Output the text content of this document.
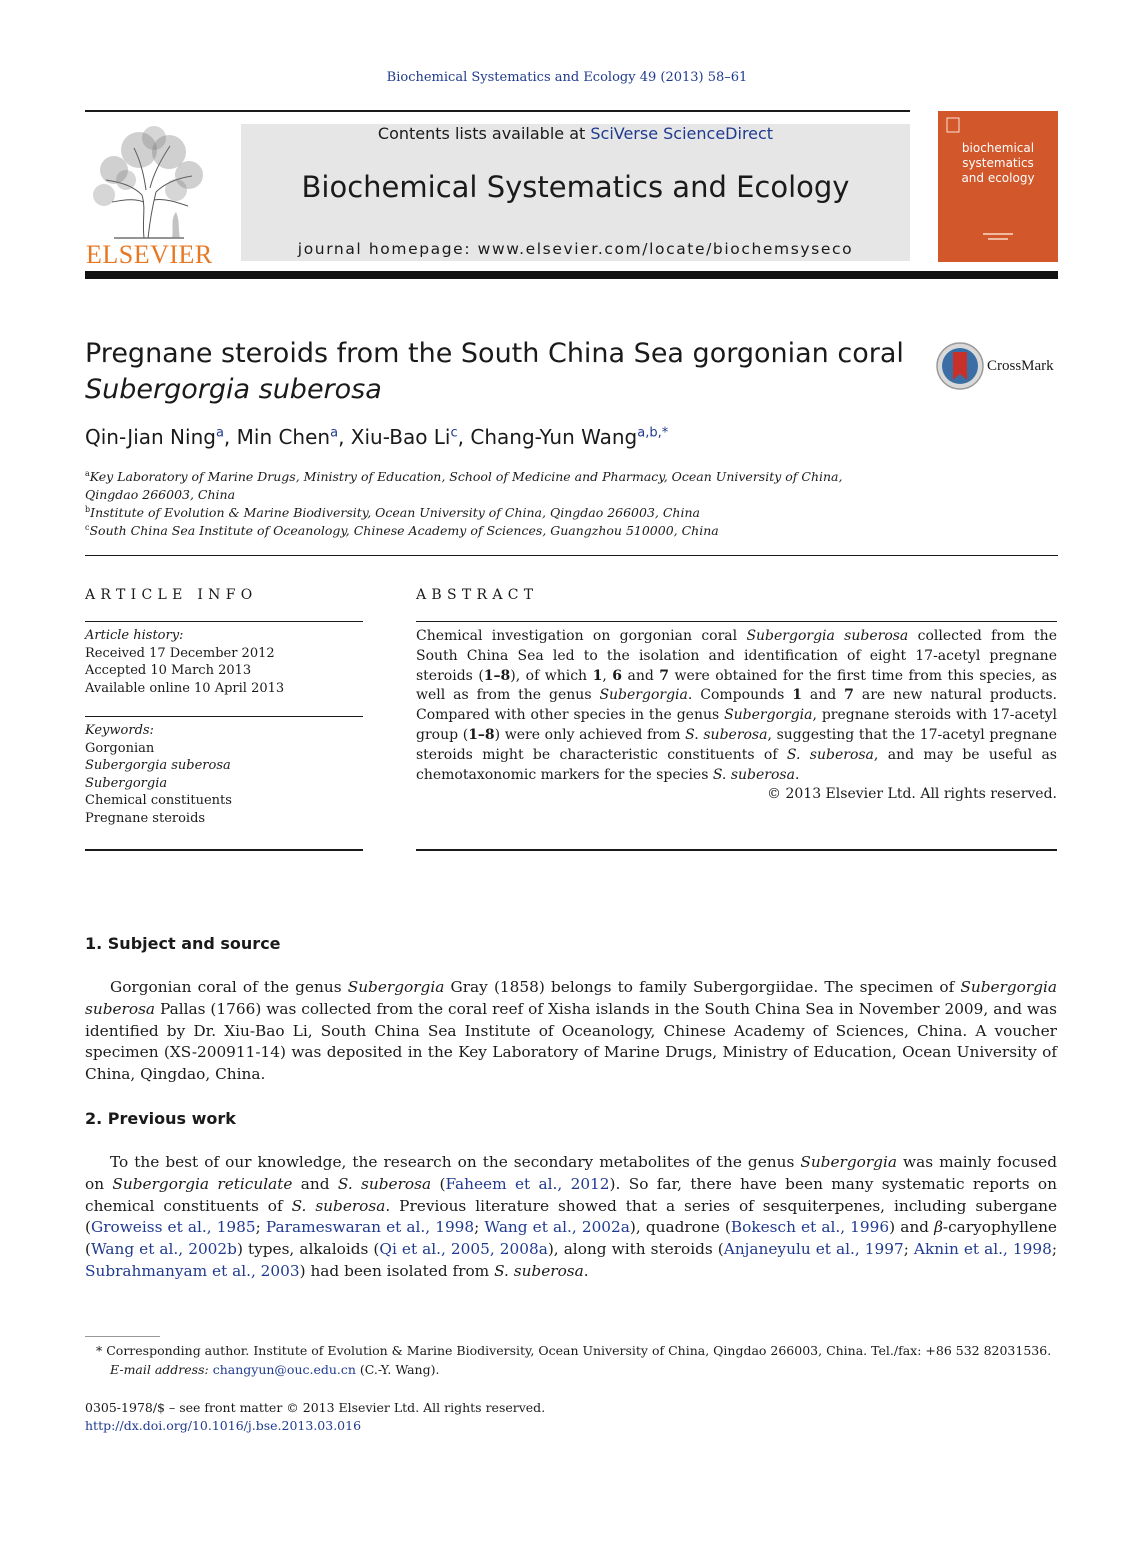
Biochemical Systematics and Ecology 49 (2013) 58–61
ELSEVIER
Contents lists available at SciVerse ScienceDirect
Biochemical Systematics and Ecology
journal homepage: www.elsevier.com/locate/biochemsyseco
biochemical
systematics
and ecology
Pregnane steroids from the South China Sea gorgonian coral
Subergorgia suberosa
CrossMark
Qin-Jian Ning$^a$, Min Chen$^a$, Xiu-Bao Li$^c$, Chang-Yun Wang$^{a,b,*}$
$^a$Key Laboratory of Marine Drugs, Ministry of Education, School of Medicine and Pharmacy, Ocean University of China,
Qingdao 266003, China
$^b$Institute of Evolution & Marine Biodiversity, Ocean University of China, Qingdao 266003, China
$^c$South China Sea Institute of Oceanology, Chinese Academy of Sciences, Guangzhou 510000, China
ARTICLE INFO
Article history:
Received 17 December 2012
Accepted 10 March 2013
Available online 10 April 2013
Keywords:
Gorgonian
Subergorgia suberosa
Subergorgia
Chemical constituents
Pregnane steroids
ABSTRACT
Chemical investigation on gorgonian coral Subergorgia suberosa collected from the South China Sea led to the isolation and identification of eight 17-acetyl pregnane steroids (1–8), of which 1, 6 and 7 were obtained for the first time from this species, as well as from the genus Subergorgia. Compounds 1 and 7 are new natural products. Compared with other species in the genus Subergorgia, pregnane steroids with 17-acetyl group (1–8) were only achieved from S. suberosa, suggesting that the 17-acetyl pregnane steroids might be characteristic constituents of S. suberosa, and may be useful as chemotaxonomic markers for the species S. suberosa.
© 2013 Elsevier Ltd. All rights reserved.
1. Subject and source
Gorgonian coral of the genus Subergorgia Gray (1858) belongs to family Subergorgiidae. The specimen of Subergorgia suberosa Pallas (1766) was collected from the coral reef of Xisha islands in the South China Sea in November 2009, and was identified by Dr. Xiu-Bao Li, South China Sea Institute of Oceanology, Chinese Academy of Sciences, China. A voucher specimen (XS-200911-14) was deposited in the Key Laboratory of Marine Drugs, Ministry of Education, Ocean University of China, Qingdao, China.
2. Previous work
To the best of our knowledge, the research on the secondary metabolites of the genus Subergorgia was mainly focused on Subergorgia reticulate and S. suberosa (Faheem et al., 2012). So far, there have been many systematic reports on chemical constituents of S. suberosa. Previous literature showed that a series of sesquiterpenes, including subergane (Groweiss et al., 1985; Parameswaran et al., 1998; Wang et al., 2002a), quadrone (Bokesch et al., 1996) and β-caryophyllene (Wang et al., 2002b) types, alkaloids (Qi et al., 2005, 2008a), along with steroids (Anjaneyulu et al., 1997; Aknin et al., 1998; Subrahmanyam et al., 2003) had been isolated from S. suberosa.
* Corresponding author. Institute of Evolution & Marine Biodiversity, Ocean University of China, Qingdao 266003, China. Tel./fax: +86 532 82031536.
E-mail address: changyun@ouc.edu.cn (C.-Y. Wang).
0305-1978/$ – see front matter © 2013 Elsevier Ltd. All rights reserved.
http://dx.doi.org/10.1016/j.bse.2013.03.016
